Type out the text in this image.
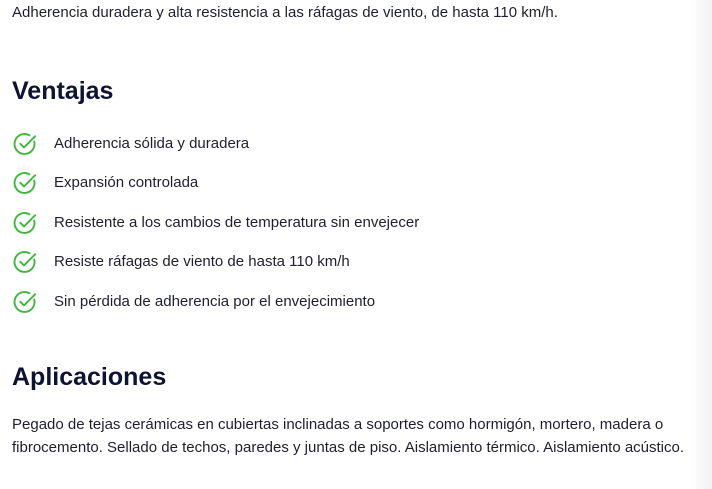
Adherencia duradera y alta resistencia a las ráfagas de viento, de hasta 110 km/h.

Ventajas
Adherencia sólida y duradera
Expansión controlada
Resistente a los cambios de temperatura sin envejecer
Resiste ráfagas de viento de hasta 110 km/h
Sin pérdida de adherencia por el envejecimiento
Aplicaciones

Pegado de tejas cerámicas en cubiertas inclinadas a soportes como hormigón, mortero, madera o fibrocemento. Sellado de techos, paredes y juntas de piso. Aislamiento térmico. Aislamiento acústico.
